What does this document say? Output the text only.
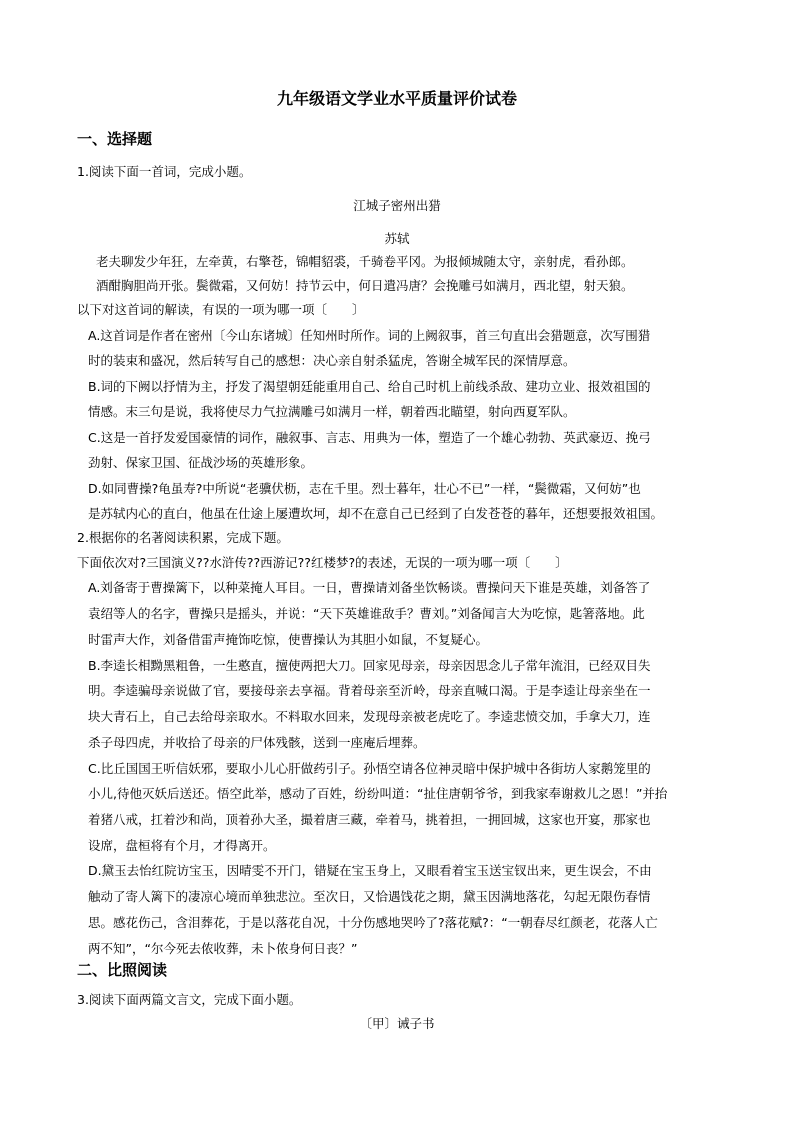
九年级语文学业水平质量评价试卷
一、选择题
1.阅读下面一首词，完成小题。
江城子密州出猎
苏轼
老夫聊发少年狂，左牵黄，右擎苍，锦帽貂裘，千骑卷平冈。为报倾城随太守，亲射虎，看孙郎。
酒酣胸胆尚开张。鬓微霜，又何妨！持节云中，何日遣冯唐？会挽雕弓如满月，西北望，射天狼。
以下对这首词的解读，有误的一项为哪一项〔　　〕
A.这首词是作者在密州〔今山东诸城〕任知州时所作。词的上阙叙事，首三句直出会猎题意，次写围猎
时的装束和盛况，然后转写自己的感想：决心亲自射杀猛虎，答谢全城军民的深情厚意。
B.词的下阙以抒情为主，抒发了渴望朝廷能重用自己、给自己时机上前线杀敌、建功立业、报效祖国的
情感。末三句是说，我将使尽力气拉满雕弓如满月一样，朝着西北瞄望，射向西夏军队。
C.这是一首抒发爱国豪情的词作，融叙事、言志、用典为一体，塑造了一个雄心勃勃、英武豪迈、挽弓
劲射、保家卫国、征战沙场的英雄形象。
D.如同曹操?龟虽寿?中所说“老骥伏枥，志在千里。烈士暮年，壮心不已”一样，“鬓微霜，又何妨”也
是苏轼内心的直白，他虽在仕途上屡遭坎坷，却不在意自己已经到了白发苍苍的暮年，还想要报效祖国。
2.根据你的名著阅读积累，完成下题。
下面依次对?三国演义??水浒传??西游记??红楼梦?的表述，无误的一项为哪一项〔　　〕
A.刘备寄于曹操篱下，以种菜掩人耳目。一日，曹操请刘备坐饮畅谈。曹操问天下谁是英雄，刘备答了
袁绍等人的名字，曹操只是摇头，并说：“天下英雄谁敌手？曹刘。”刘备闻言大为吃惊，匙箸落地。此
时雷声大作，刘备借雷声掩饰吃惊，使曹操认为其胆小如鼠，不复疑心。
B.李逵长相黝黑粗鲁，一生憨直，擅使两把大刀。回家见母亲，母亲因思念儿子常年流泪，已经双目失
明。李逵骗母亲说做了官，要接母亲去享福。背着母亲至沂岭，母亲直喊口渴。于是李逵让母亲坐在一
块大青石上，自己去给母亲取水。不料取水回来，发现母亲被老虎吃了。李逵悲愤交加，手拿大刀，连
杀子母四虎，并收拾了母亲的尸体残骸，送到一座庵后埋葬。
C.比丘国国王听信妖邪，要取小儿心肝做药引子。孙悟空请各位神灵暗中保护城中各街坊人家鹅笼里的
小儿,待他灭妖后送还。悟空此举，感动了百姓，纷纷叫道：“扯住唐朝爷爷，到我家奉谢救儿之恩！”并抬
着猪八戒，扛着沙和尚，顶着孙大圣，撮着唐三藏，牵着马，挑着担，一拥回城，这家也开宴，那家也
设席，盘桓将有个月，才得离开。
D.黛玉去怡红院访宝玉，因晴雯不开门，错疑在宝玉身上，又眼看着宝玉送宝钗出来，更生误会，不由
触动了寄人篱下的凄凉心境而单独悲泣。至次日，又恰遇饯花之期，黛玉因满地落花，勾起无限伤春情
思。感花伤己，含泪葬花，于是以落花自况，十分伤感地哭吟了?落花赋?：“一朝春尽红颜老，花落人亡
两不知”，“尔今死去侬收葬，未卜侬身何日丧？”
二、比照阅读
3.阅读下面两篇文言文，完成下面小题。
〔甲〕诫子书
